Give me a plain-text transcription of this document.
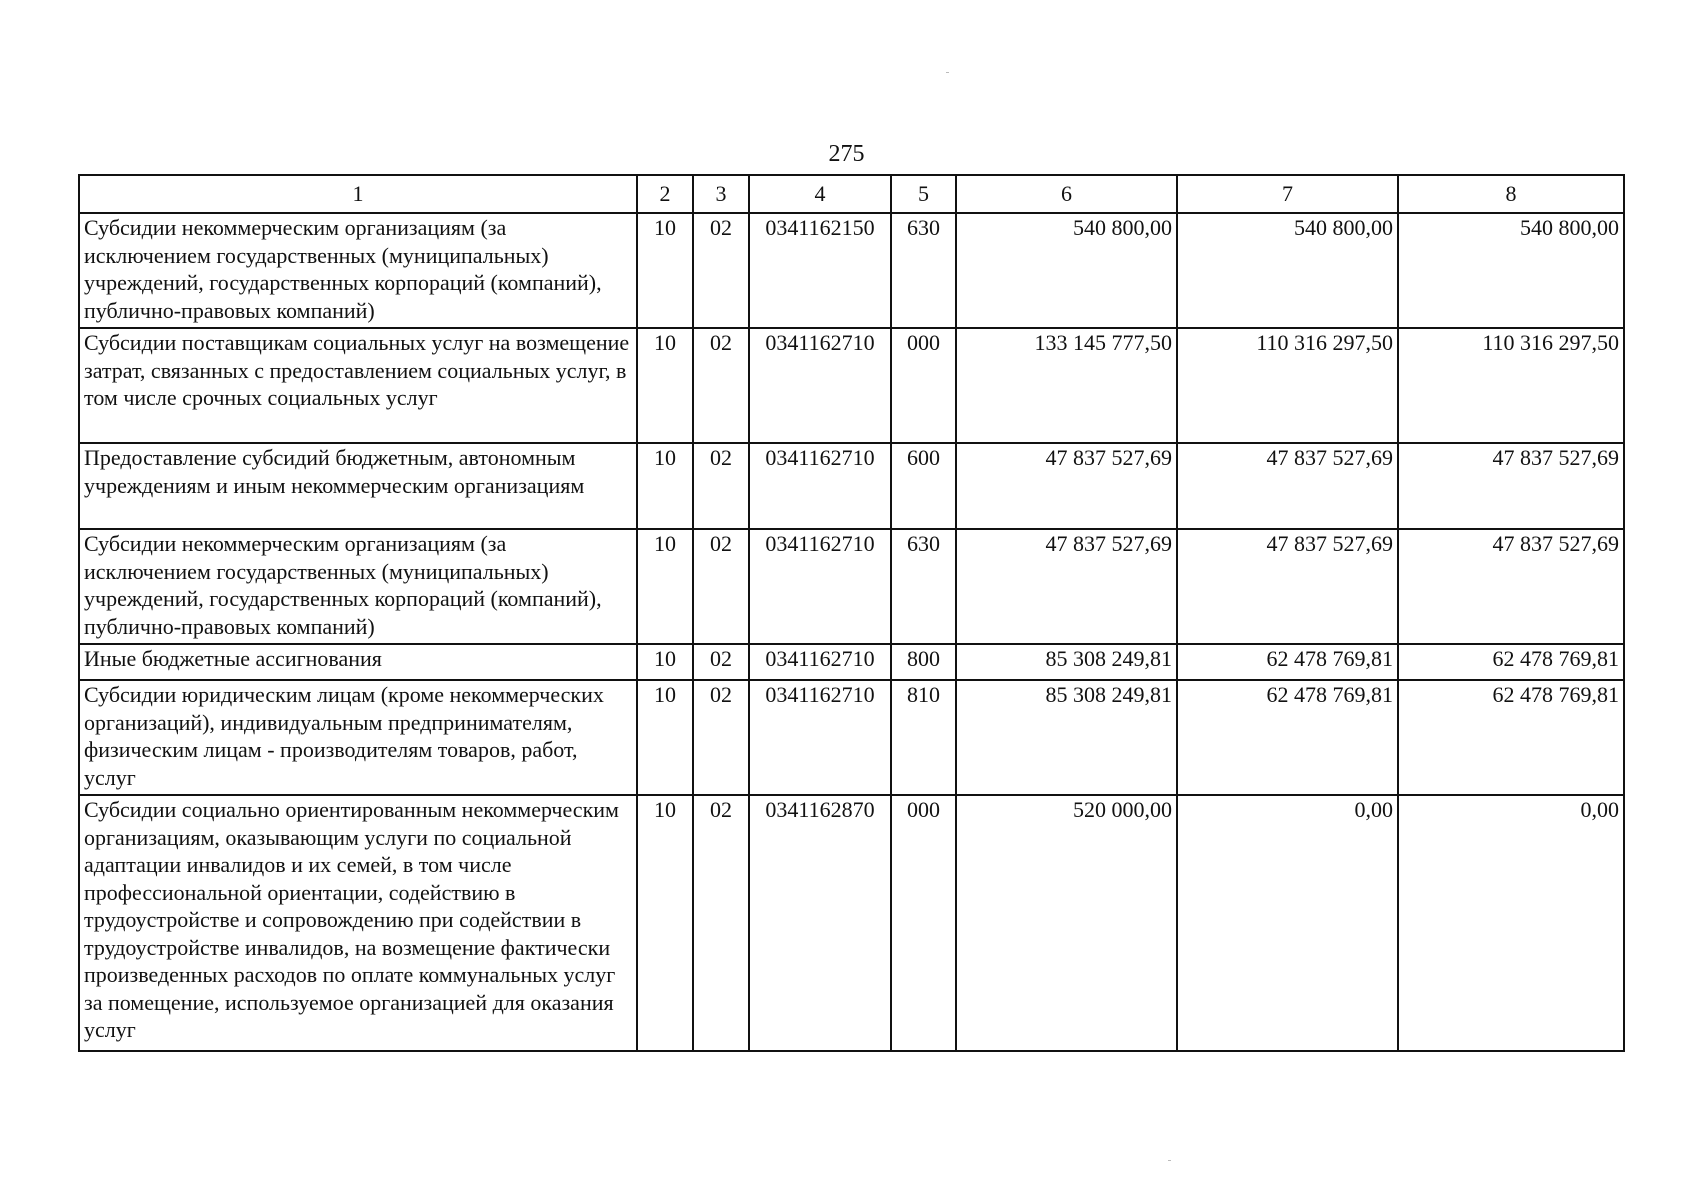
275
1	2	3	4	5	6	7	8
Субсидии некоммерческим организациям (за исключением государственных (муниципальных) учреждений, государственных корпораций (компаний), публично-правовых компаний)	10	02	0341162150	630	540 800,00	540 800,00	540 800,00
Субсидии поставщикам социальных услуг на возмещение затрат, связанных с предоставлением социальных услуг, в том числе срочных социальных услуг	10	02	0341162710	000	133 145 777,50	110 316 297,50	110 316 297,50
Предоставление субсидий бюджетным, автономным учреждениям и иным некоммерческим организациям	10	02	0341162710	600	47 837 527,69	47 837 527,69	47 837 527,69
Субсидии некоммерческим организациям (за исключением государственных (муниципальных) учреждений, государственных корпораций (компаний), публично-правовых компаний)	10	02	0341162710	630	47 837 527,69	47 837 527,69	47 837 527,69
Иные бюджетные ассигнования	10	02	0341162710	800	85 308 249,81	62 478 769,81	62 478 769,81
Субсидии юридическим лицам (кроме некоммерческих организаций), индивидуальным предпринимателям, физическим лицам - производителям товаров, работ, услуг	10	02	0341162710	810	85 308 249,81	62 478 769,81	62 478 769,81
Субсидии социально ориентированным некоммерческим организациям, оказывающим услуги по социальной адаптации инвалидов и их семей, в том числе профессиональной ориентации, содействию в трудоустройстве и сопровождению при содействии в трудоустройстве инвалидов, на возмещение фактически произведенных расходов по оплате коммунальных услуг за помещение, используемое организацией для оказания услуг	10	02	0341162870	000	520 000,00	0,00	0,00
